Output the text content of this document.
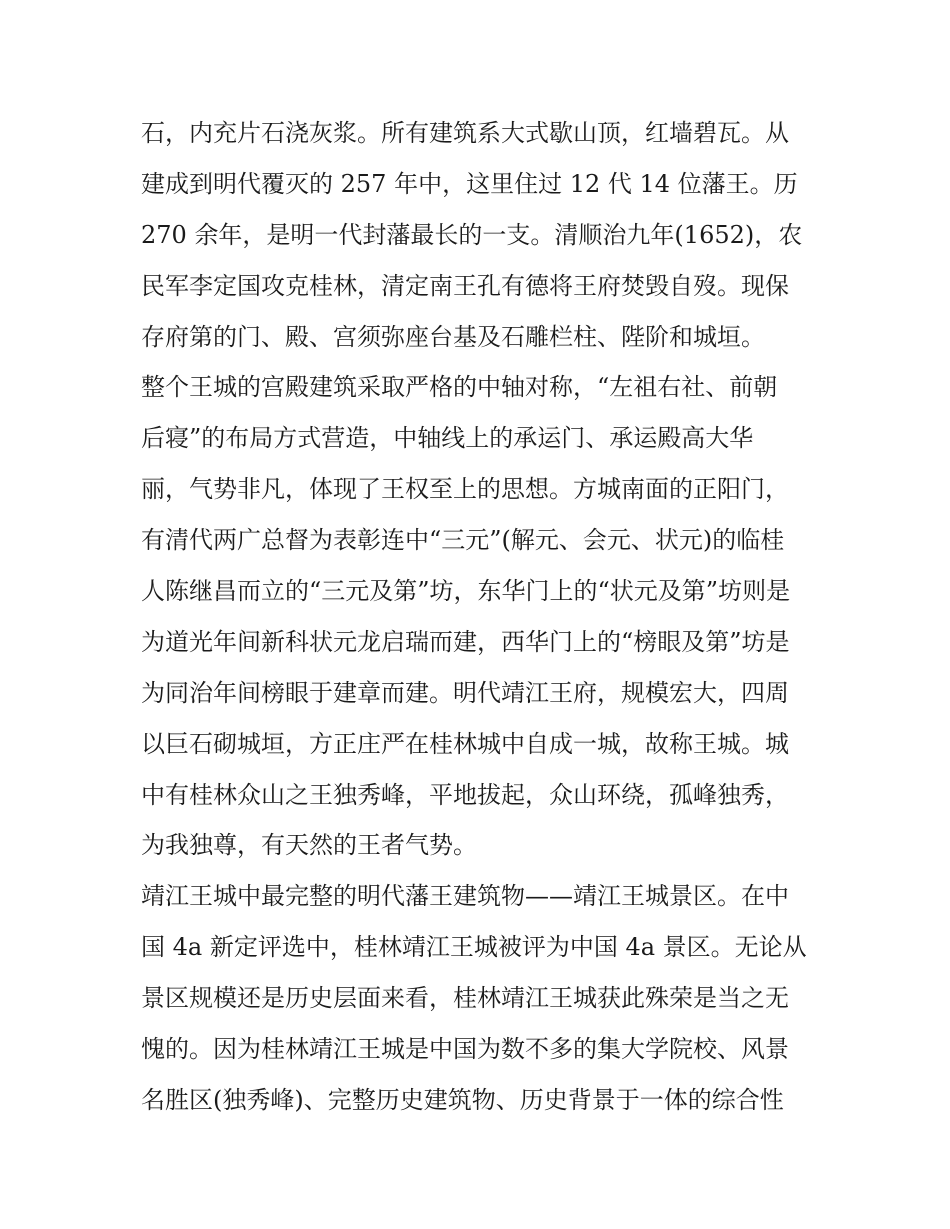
石，内充片石浇灰浆。所有建筑系大式歇山顶，红墙碧瓦。从
建成到明代覆灭的 257 年中，这里住过 12 代 14 位藩王。历
270 余年，是明一代封藩最长的一支。清顺治九年(1652)，农
民军李定国攻克桂林，清定南王孔有德将王府焚毁自歿。现保
存府第的门、殿、宫须弥座台基及石雕栏柱、陛阶和城垣。
整个王城的宫殿建筑采取严格的中轴对称，“左祖右社、前朝
后寝”的布局方式营造，中轴线上的承运门、承运殿高大华
丽，气势非凡，体现了王权至上的思想。方城南面的正阳门，
有清代两广总督为表彰连中“三元”(解元、会元、状元)的临桂
人陈继昌而立的“三元及第”坊，东华门上的“状元及第”坊则是
为道光年间新科状元龙启瑞而建，西华门上的“榜眼及第”坊是
为同治年间榜眼于建章而建。明代靖江王府，规模宏大，四周
以巨石砌城垣，方正庄严在桂林城中自成一城，故称王城。城
中有桂林众山之王独秀峰，平地拔起，众山环绕，孤峰独秀，
为我独尊，有天然的王者气势。
靖江王城中最完整的明代藩王建筑物——靖江王城景区。在中
国 4a 新定评选中，桂林靖江王城被评为中国 4a 景区。无论从
景区规模还是历史层面来看，桂林靖江王城获此殊荣是当之无
愧的。因为桂林靖江王城是中国为数不多的集大学院校、风景
名胜区(独秀峰)、完整历史建筑物、历史背景于一体的综合性
